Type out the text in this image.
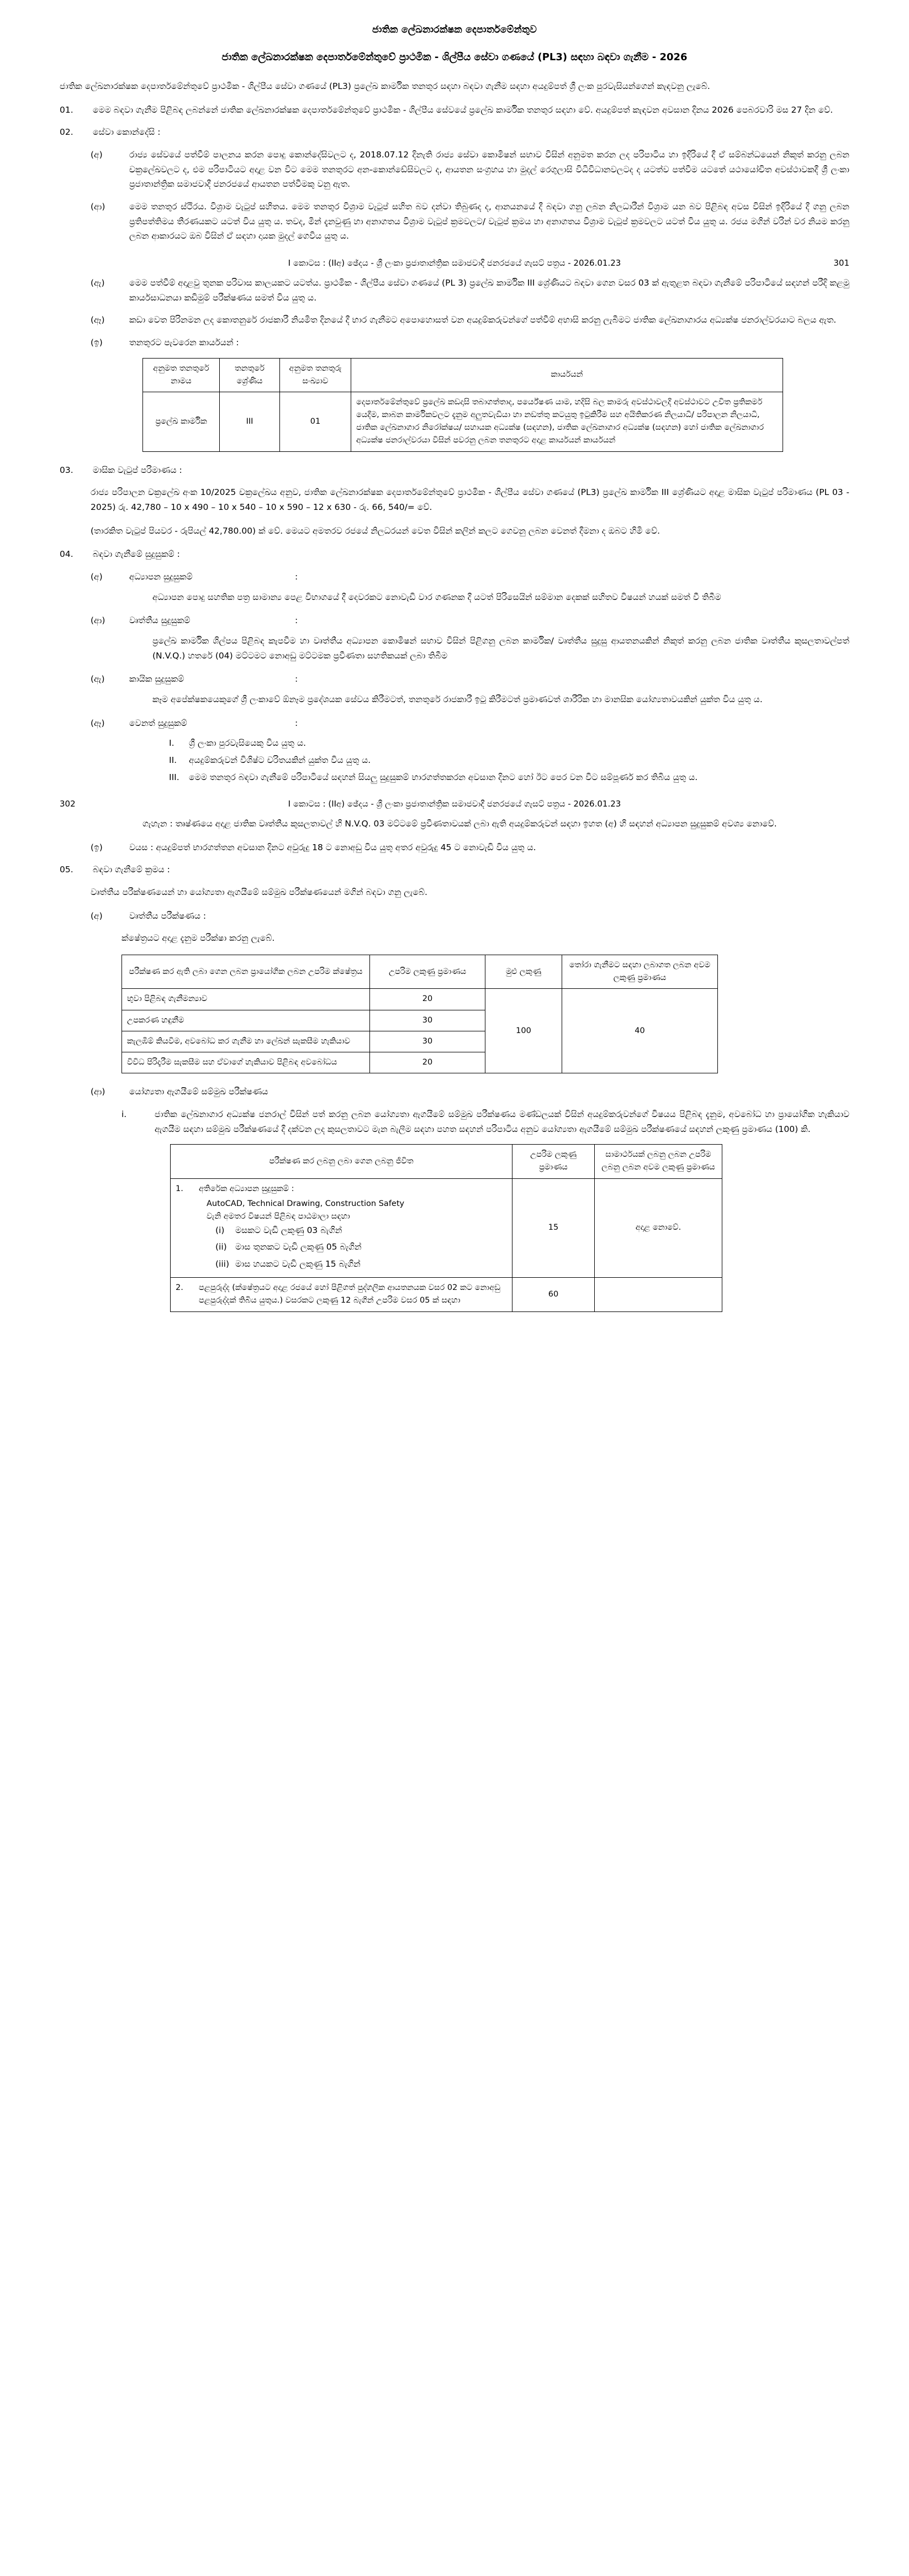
ජාතික ලේඛනාරක්ෂක දෙපාර්තමේන්තුව
ජාතික ලේඛනාරක්ෂක දෙපාර්තමේන්තුවේ ප්‍රාථමික - ශිල්පීය සේවා ගණයේ (PL3) සඳහා බඳවා ගැනීම - 2026

ජාතික ලේඛනාරක්ෂක දෙපාර්තමේන්තුවේ ප්‍රාථමික - ශිල්පීය සේවා ගණයේ (PL3) ප්‍රලේඛ කාර්මික තනතුර සඳහා බඳවා ගැනීම සඳහා අයදුම්පත් ශ්‍රී ලංක පුරවැසියන්ගෙන් කැඳවනු ලැබේ.

01.	මෙම බඳවා ගැනීම පිළිබඳ ලබන්නේ ජාතික ලේඛනාරක්ෂක දෙපාර්තමේන්තුවේ ප්‍රාථමික - ශිල්පීය සේවයේ ප්‍රලේඛ කාර්මික තනතුර සඳහා වේ. අයදුම්පත් කැඳවන අවසාන දිනය 2026 පෙබරවාරි මස 27 දින වේ.
02.	සේවා කොන්දේසි :
(අ)	රාජ්‍ය සේවයේ පත්වීම් පාලනය කරන පොදු කොන්දේසිවලට ද, 2018.07.12 දිනැති රාජ්‍ය සේවා කොමිෂන් සභාව විසින් අනුමත කරන ලද පරිපාටිය හා ඉදිරියේ දී ඒ සම්බන්ධයෙන් නිකුත් කරනු ලබන චක්‍රලේඛවලට ද, එම පරිපාටියට අදාළ වන විට මෙම තනතුරට අන-කොන්ඩේසිවලට ද, ආයතන සංග්‍රහය හා මුදල් රෙගුලාසි විධිවිධානවලටද ද යටත්ව පත්වීම යටතේ යථායෝචිත අවස්ථාවකදී ශ්‍රී ලංකා ප්‍රජාතාන්ත්‍රික සමාජවාදී ජනරජයේ ආයතන පත්වීමකු වනු ඇත.
(ආ)	මෙම තනතුර ස්ථිරය. විශ්‍රාම වැටුප් සහිතය. මෙම තනතුර විශ්‍රාම වැටුප් සහිත බව දන්වා තිබුණද ද, ආනයනයේ දී බඳවා ගනු ලබන නිලධාරීන් විශ්‍රාම යන බව පිළිබඳ අවස විසින් ඉදිරියේ දී ගනු ලබන ප්‍රතිපත්තිමය තීරණයකට යටත් විය යුතු ය. තවද, මින් දැනවුණු හා අනාගතය විශ්‍රාම වැටුප් ක්‍රමවලට/ වැටුප් ක්‍රමය හා අනාගතය විශ්‍රාම වැටුප් ක්‍රමවලට යටත් විය යුතු ය. රජය මගින් වරින් වර නියම කරනු ලබන ආකාරයට ඔබ විසින් ඒ සඳහා දායක මුදල් ගෙවිය යුතු ය.
I කොටස : (IIඅ) ඡේදය - ශ්‍රී ලංකා ප්‍රජාතාන්ත්‍රික සමාජවාදී ජනරජයේ ගැසට් පත්‍රය - 2026.01.23	301
(ඇ)	මෙම පත්වීම් අදාළවු තුනක පරිවාස කාලයකට යටත්ය. ප්‍රාථමික - ශිල්පීය සේවා ගණයේ (PL 3) ප්‍රලේඛ කාර්මික III ශ්‍රේණියට බඳවා ගෙන වසර 03 ක් ඇතුළත බඳවා ගැනීමේ පරිපාටියේ සඳහන් පරීදි කළමු කාර්යසාධනයා කඩිමුම් පරීක්ෂණය සමත් විය යුතු ය.
(ඈ)	කඩා වෙත පිරිනමන ලද කොතනුරේ රාජකාරී නියමිත දිනයේ දී භාර ගැනීමට අපොහොසත් වන අයදුම්කරුවන්ගේ පත්වීම් අභාසි කරනු ලැබීමට ජාතික ලේඛනාගාරය අධ්‍යක්ෂ ජනරාල්වරයාට බලය ඇත.
(ඉ)	තනතුරට පැවරෙන කාර්යයන් :
අනුමත තනතුරේ නාමය	තනතුරේ ශ්‍රේණිය	අනුමත තනතුරු සංඛ්‍යාව	කාර්යයන්
ප්‍රලේඛ කාර්මික	III	01	දෙපාර්තමේන්තුවේ ප්‍රලේඛ කඩදාසි තබාගත්තාද, පර්යේෂණ යාම, හදිසි බල කාමරු අවස්ථාවලදී අවස්ථාවට උචිත ප්‍රතිකර්ම යෙදීම, කාබන කාර්මිකවලට දැනුම අලුතවැඩියා හා නඩත්තු කටයුතු ඉටුකිරීම සහ අයිතිකරණ නිලයාධි/ පරිපාලන නිලයාධි, ජාතික ලේඛනාගාර නිරෝක්ෂය/ සහායක අධ්‍යක්ෂ (සඳහන), ජාතික ලේඛනාගාර අධ්‍යක්ෂ (සඳහන) හෝ ජාතික ලේඛනාගාර අධ්‍යක්ෂ ජනරාල්වරයා විසින් පවරනු ලබන තනතුරට අදාළ කාර්යයන් කාර්යයන්
03.	මාසික වැටුප් පරිමාණය :

රාජ්‍ය පරිපාලන චක්‍රලේඛ අංක 10/2025 චක්‍රලේඛය අනුව, ජාතික ලේඛනාරක්ෂක දෙපාර්තමේන්තුවේ ප්‍රාථමික - ශිල්පීය සේවා ගණයේ (PL3) ප්‍රලේඛ කාර්මික III ශ්‍රේණියට අදාළ මාසික වැටුප් පරිමාණය (PL 03 - 2025) රු. 42,780 – 10 x 490 – 10 x 540 – 10 x 590 – 12 x 630 - රු. 66, 540/= වේ.

(තාරකිත වැටුප් පියවර - රුපියල් 42,780.00) ක් වේ. මෙයට අමතරව රජයේ නිලධරයන් වෙත විසින් කලින් කලට ගෙවනු ලබන වෙනත් දීමනා ද ඔබට හිමි වේ.

04.	බඳවා ගැනීමේ සුදුසුකම් :
(අ)	අධ්‍යාපන සුදුසුකම්	:

අධ්‍යාපන පොදු සහතික පත්‍ර සාමාන්‍ය පෙළ විභාගයේ දී දෙවරකට නොවැඩි වාර ගණනක දී යටත් පිරිසෙයින් සම්මාන දෙකක් සහිතව විෂයන් හයක් සමත් වී තිබීම

(ආ)	වෘත්තීය සුදුසුකම්	:

ප්‍රලේඛ කාර්මික ශිල්පය පිළිබඳ කැපවීම හා වෘත්තීය අධ්‍යාපන කොමිෂන් සභාව විසින් පිළිගනු ලබන කාර්මික/ වෘත්තීය සුදුසු ආයතනයකින් නිකුත් කරනු ලබන ජාතික වෘත්තීය කුසලතාවල්පත් (N.V.Q.) හතරේ (04) මට්ටමට නොඅඩු මට්ටමක ප්‍රවීණතා සහතිකයක් ලබා තිබීම

(ඇ)	කායික සුදුසුකම්	:

කෑම අපේක්ෂකයෙකුගේ ශ්‍රී ලංකාවේ ඕනෑම ප්‍රදේශයක සේවය කිරීමටත්, තනතුරේ රාජකාරී ඉටු කිරීමටත් ප්‍රමාණවත් ශාරීරික හා මානසික යෝග්‍යතාවයකින් යුක්ත විය යුතු ය.

(ඈ)	වෙනත් සුදුසුකම්	:
I.	ශ්‍රී ලංකා පුරවැසියෙකු විය යුතු ය.
II.	අයදුම්කරුවන් විශිෂ්ට චරිතයකින් යුක්ත විය යුතු ය.
III.	මෙම තනතුර බඳවා ගැනීමේ පරිපාටියේ සඳහන් සියලු සුදුසුකම් භාරගත්තකරන අවසාන දිනට හෝ ඊට පෙර වන විට සම්පූර්ණ කර තිබිය යුතු ය.
302	I කොටස : (IIඅ) ඡේදය - ශ්‍රී ලංකා ප්‍රජාතාන්ත්‍රික සමාජවාදී ජනරජයේ ගැසට් පත්‍රය - 2026.01.23

ගැහැන : තෘෂ්ණයෙ අදාළ ජාතික වෘත්තීය කුසලතාවල් හි N.V.Q. 03 මට්ටමේ ප්‍රවීණතාවයක් ලබා ඇති අයදුම්කරුවන් සඳහා ඉහත (අ) හි සඳහන් අධ්‍යාපන සුදුසුකම් අවශ්‍ය නොවේ.

(ඉ)	වයස : අයදුම්පත් භාරගත්තන අවසාන දිනට අවුරුදු 18 ට නොඅඩු විය යුතු අතර අවුරුදු 45 ට නොවැඩි විය යුතු ය.
05.	බඳවා ගැනීමේ ක්‍රමය :

වෘත්තීය පරීක්ෂණයෙන් හා යෝග්‍යතා ඇගයීමේ සම්මුඛ පරීක්ෂණයෙන් මගින් බඳවා ගනු ලැබේ.

(අ)	වෘත්තීය පරීක්ෂණය :

ක්ෂේත්‍රයට අදාළ දැනුම පරීක්ෂා කරනු ලැබේ.

පරීක්ෂණ කර ඇති ලබා ගෙන ලබන ප්‍රායෝගික ලබන උපරිම ක්ෂේත්‍රය	උපරිම ලකුණු ප්‍රමාණය	මුළු ලකුණු	තෝරා ගැනීමට සඳහා ලබාගත ලබන අවම ලකුණු ප්‍රමාණය
භුවා පිළිබඳ ගැනීමන්‍යාව	20	100	40
උපකරණ හඳුනීම	30		
කැලඹීම් කියවීම, අවබෝධ කර ගැනීම හා ලේඛන් සැකසීම හැකියාව	30		
විවිධ පිරිදෑරීම සැකසීම සහ ඒවාගේ හැකියාව පිළිබඳ අවබෝධය	20		
(ආ)	යෝග්‍යතා ඇගයීමේ සම්මුඛ පරීක්ෂණය
i.	ජාතික ලේඛනාගාර අධ්‍යක්ෂ ජනරාල් විසින් පත් කරනු ලබන යෝග්‍යතා ඇගයීමේ සම්මුඛ පරීක්ෂණය මණ්ඩලයක් විසින් අයදුම්කරුවන්ගේ විෂයය පිළිබඳ දැනුම, අවබෝධ හා ප්‍රායෝගික හැකියාව ඇගයීම සඳහා සම්මුඛ පරීක්ෂණයේ දී දක්වන ලද කුසලතාවට මැන බැලීම සඳහා පහත සඳහන් පරිපාටිය අනුව යෝග්‍යතා ඇගයීමේ සම්මුඛ පරීක්ෂණයේ සඳහන් ලකුණු ප්‍රමාණය (100) කි.
පරීක්ෂණ කර ලබනු ලබා ගෙන ලබනු ජීවිත	උපරිම ලකුණු ප්‍රමාණය	සාමාර්ථයක් ලබනු ලබන උපරිම ලබනු ලබන අවම ලකුණු ප්‍රමාණය

1.	අතිරේක අධ්‍යාපන සුදුසුකම් :
AutoCAD, Technical Drawing, Construction Safety
වැනි අමතර විෂයන් පිළිබඳ පාඨමාලා සඳහා
(i)	මසකට වැඩි ලකුණු 03 බැගින්
(ii) මාස තුනකට වැඩි ලකුණු 05 බැගින්
(iii) මාස හයකට වැඩි ලකුණු 15 බැගින්
	15	අදාළ නොවේ.

2. පළපුරුද්ද (ක්ෂේත්‍රයට අදාළ රජයේ හෝ පිළිගත් පුද්ගලික ආයතනයක වසර 02 කට නොඅඩු පළපුරුද්දක් තිබිය යුතුය.) වසරකට ලකුණු 12 බැගින් උපරිම වසර 05 ක් සඳහා	60	
